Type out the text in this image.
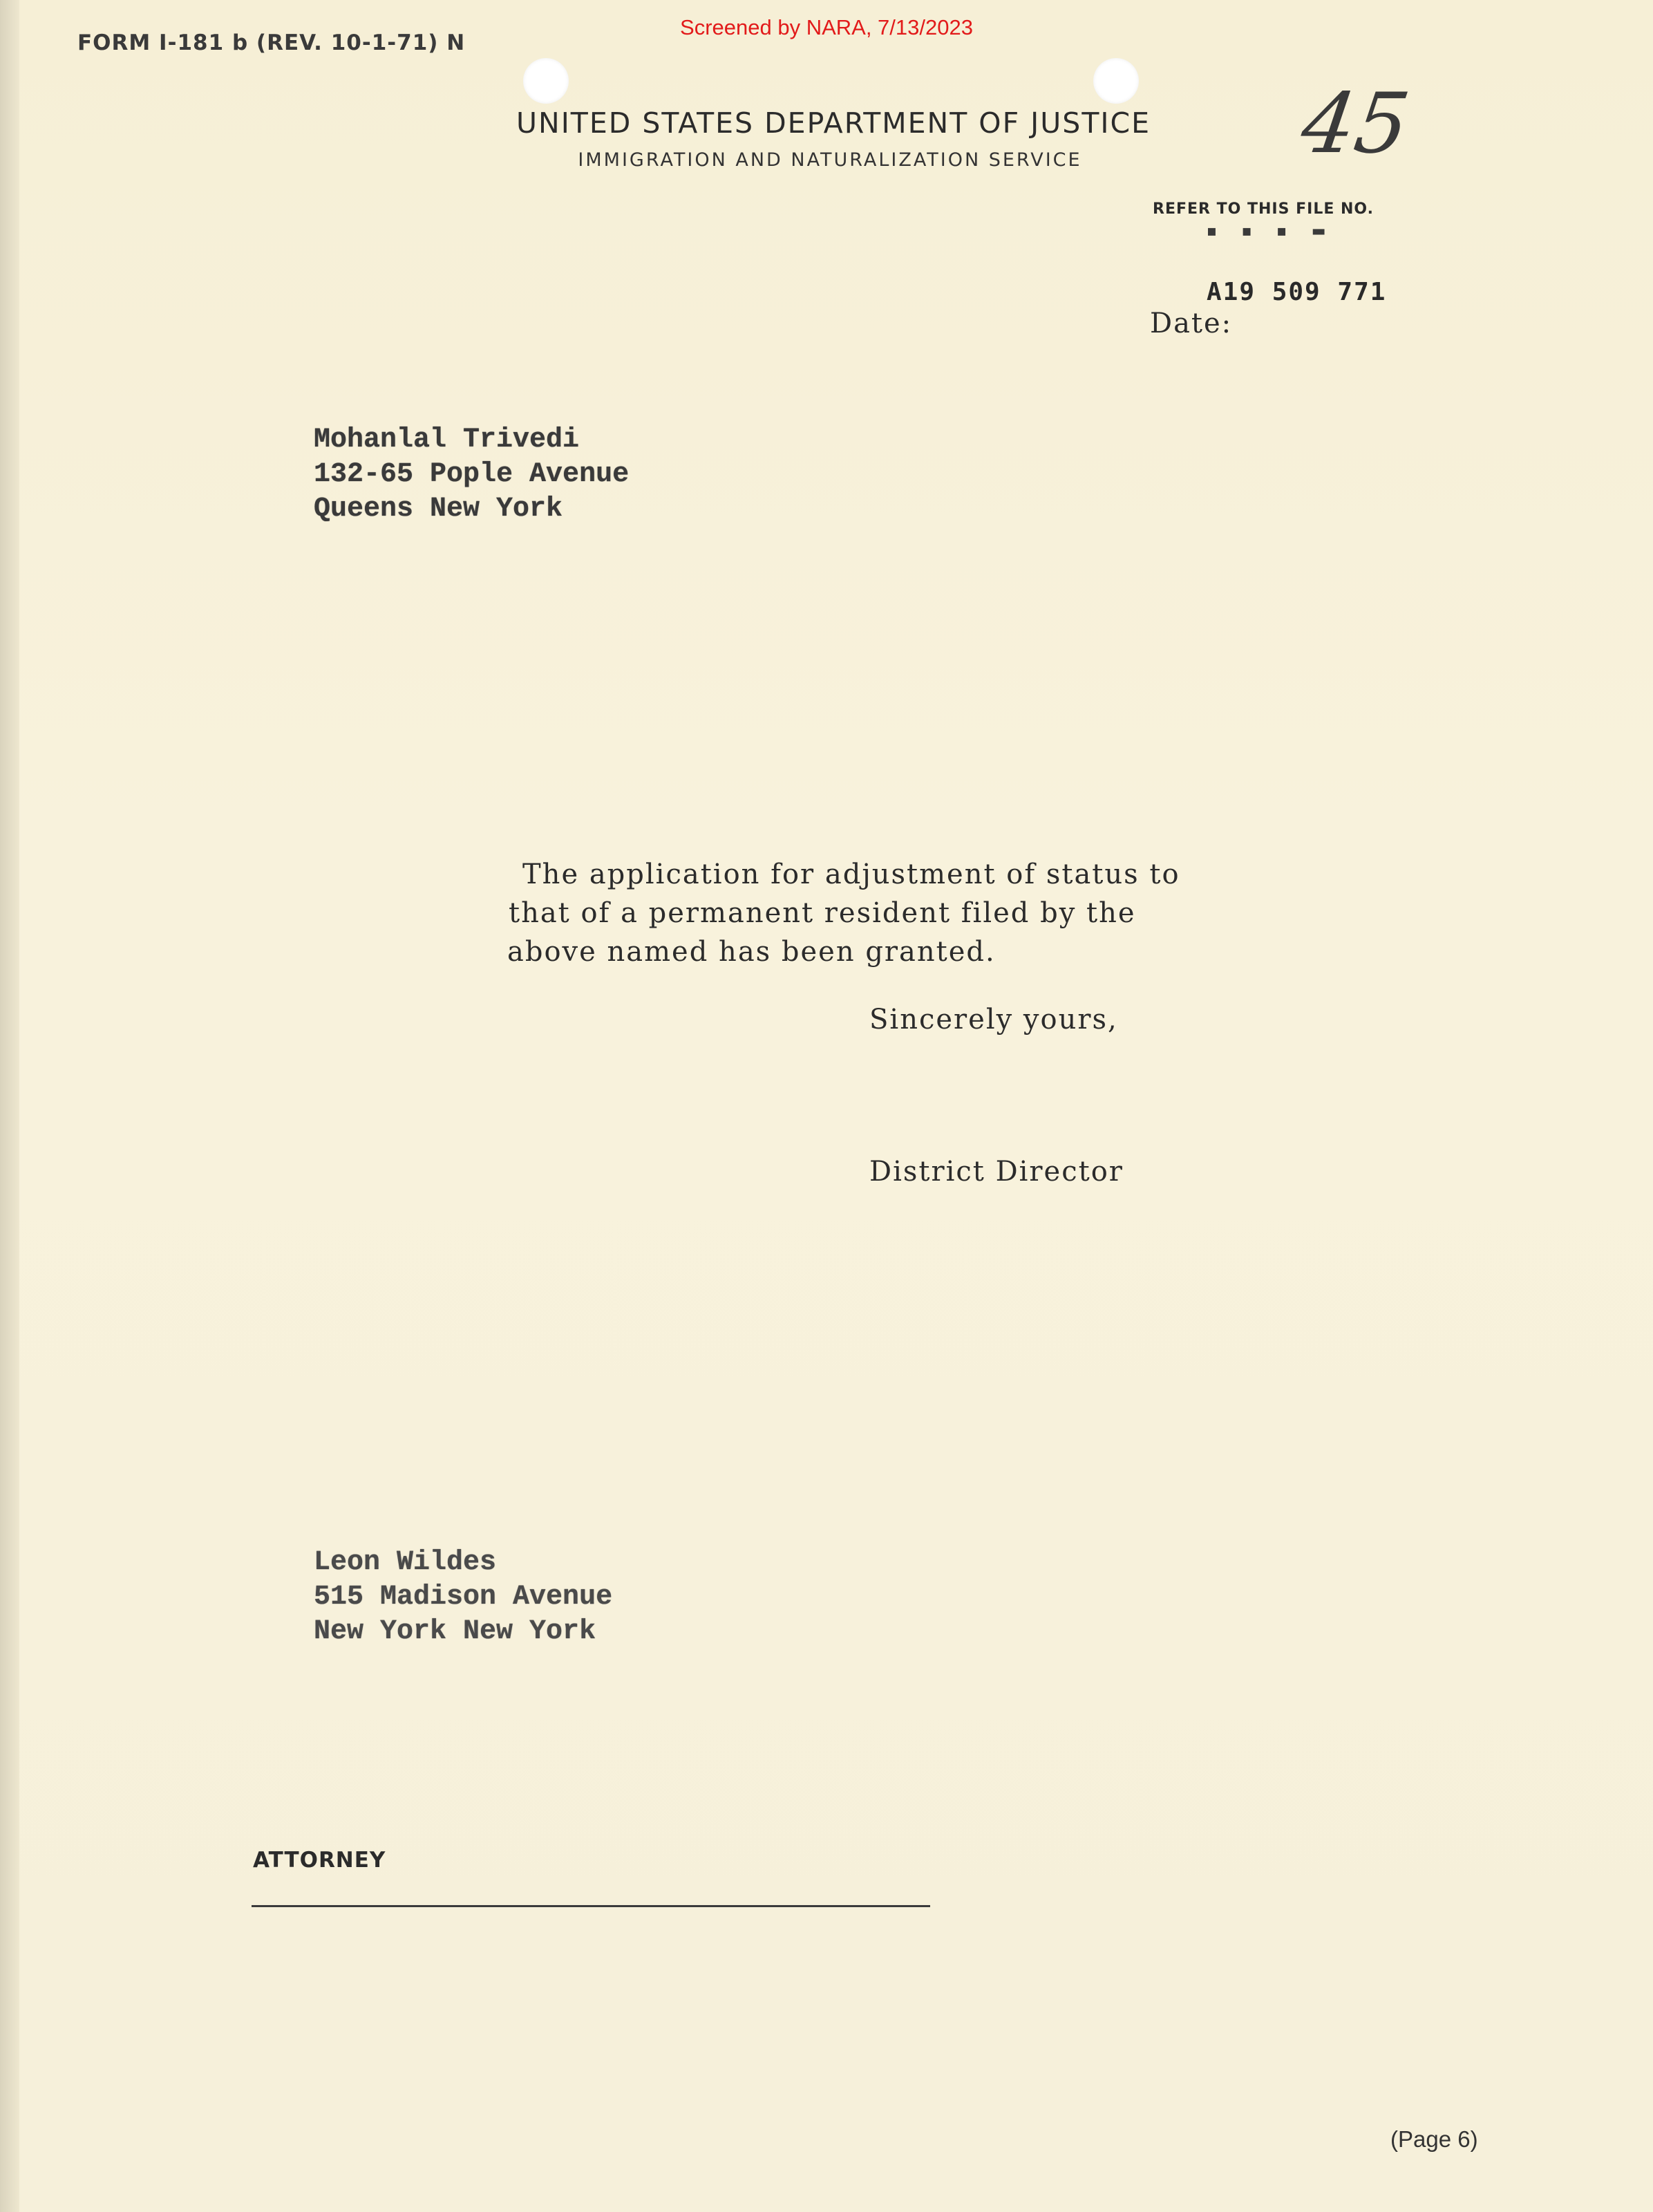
FORM I-181 b (REV. 10-1-71) N
Screened by NARA, 7/13/2023
UNITED STATES DEPARTMENT OF JUSTICE
IMMIGRATION AND NATURALIZATION SERVICE	45
REFER TO THIS FILE NO.
▪ ▪ ▪ ▬
A19 509 771
Date:
Mohanlal Trivedi
132-65 Pople Avenue
Queens New York
The application for adjustment of status to
that of a permanent resident filed by the
above named has been granted.
Sincerely yours,
District Director
Leon Wildes
515 Madison Avenue
New York New York
ATTORNEY
(Page 6)
